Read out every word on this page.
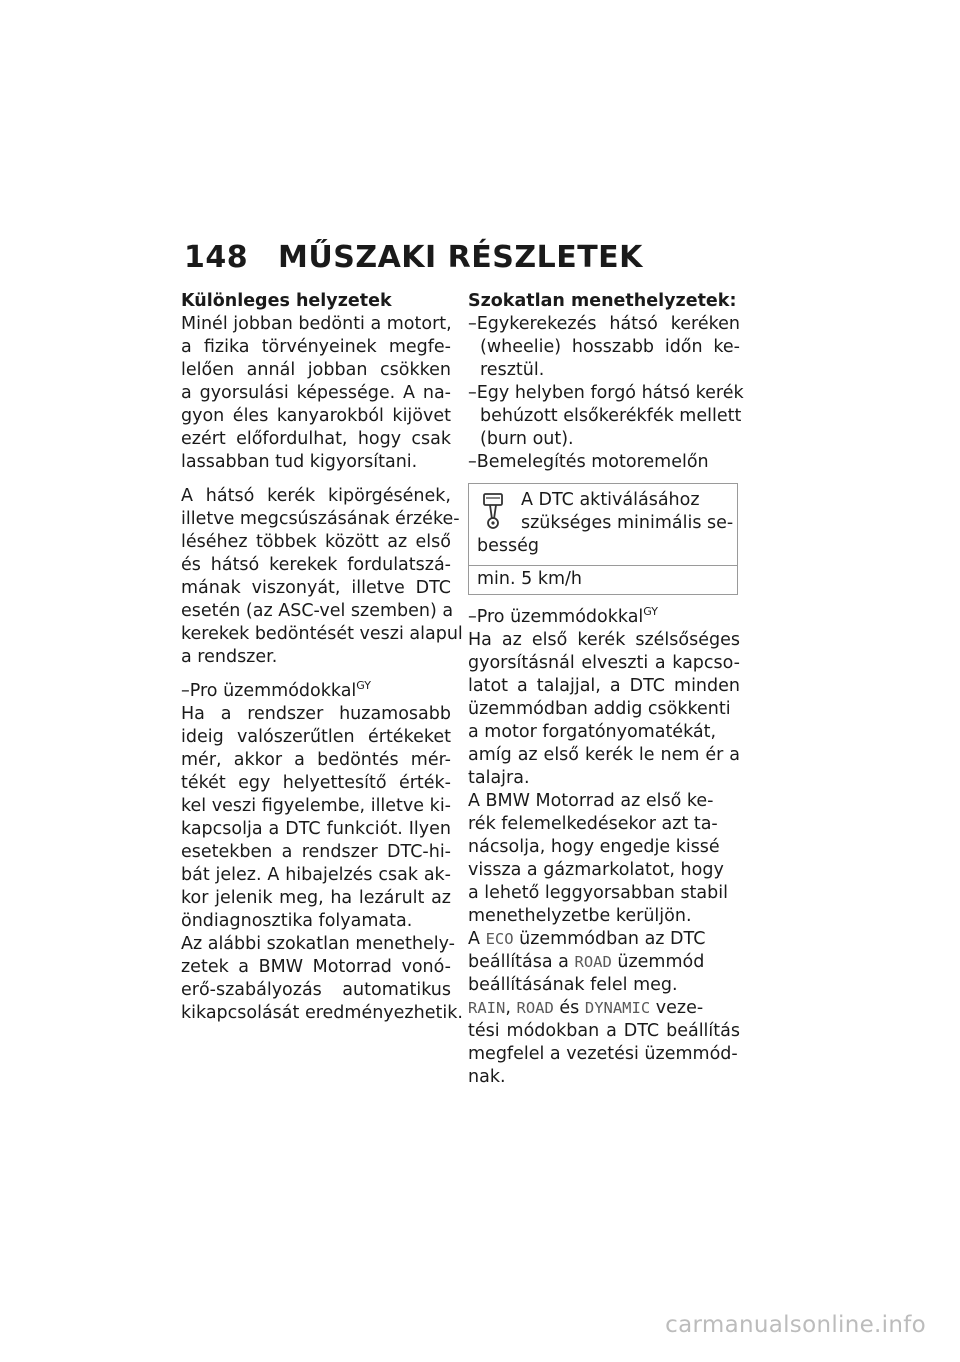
148 MŰSZAKI RÉSZLETEK

Különleges helyzetek

Minél jobban bedönti a motort,
a fizika törvényeinek megfe-
lelően annál jobban csökken
a gyorsulási képessége. A na-
gyon éles kanyarokból kijövet
ezért előfordulhat, hogy csak
lassabban tud kigyorsítani.

A hátsó kerék kipörgésének,
illetve megcsúszásának érzéke-
léséhez többek között az első
és hátsó kerekek fordulatszá-
mának viszonyát, illetve DTC
esetén (az ASC-vel szemben) a
kerekek bedöntését veszi alapul
a rendszer.

–Pro üzemmódokkal$^{GY}$

Ha a rendszer huzamosabb
ideig valószerűtlen értékeket
mér, akkor a bedöntés mér-
tékét egy helyettesítő érték-
kel veszi figyelembe, illetve ki-
kapcsolja a DTC funkciót. Ilyen
esetekben a rendszer DTC-hi-
bát jelez. A hibajelzés csak ak-
kor jelenik meg, ha lezárult az
öndiagnosztika folyamata.

Az alábbi szokatlan menethely-
zetek a BMW Motorrad vonó-
erő-szabályozás automatikus
kikapcsolását eredményezhetik.

Szokatlan menethelyzetek:

–Egykerekezés hátsó keréken
(wheelie) hosszabb időn ke-
resztül.

–Egy helyben forgó hátsó kerék
behúzott elsőkerékfék mellett
(burn out).

–Bemelegítés motoremelőn

A DTC aktiválásához
szükséges minimális se-
besség
min. 5 km/h

–Pro üzemmódokkal$^{GY}$

Ha az első kerék szélsőséges
gyorsításnál elveszti a kapcso-
latot a talajjal, a DTC minden
üzemmódban addig csökkenti
a motor forgatónyomatékát,
amíg az első kerék le nem ér a
talajra.

A BMW Motorrad az első ke-
rék felemelkedésekor azt ta-
nácsolja, hogy engedje kissé
vissza a gázmarkolatot, hogy
a lehető leggyorsabban stabil
menethelyzetbe kerüljön.

A ECO üzemmódban az DTC
beállítása a ROAD üzemmód
beállításának felel meg.
RAIN, ROAD és DYNAMIC veze-
tési módokban a DTC beállítás
megfelel a vezetési üzemmód-
nak.

carmanualsonline.info
